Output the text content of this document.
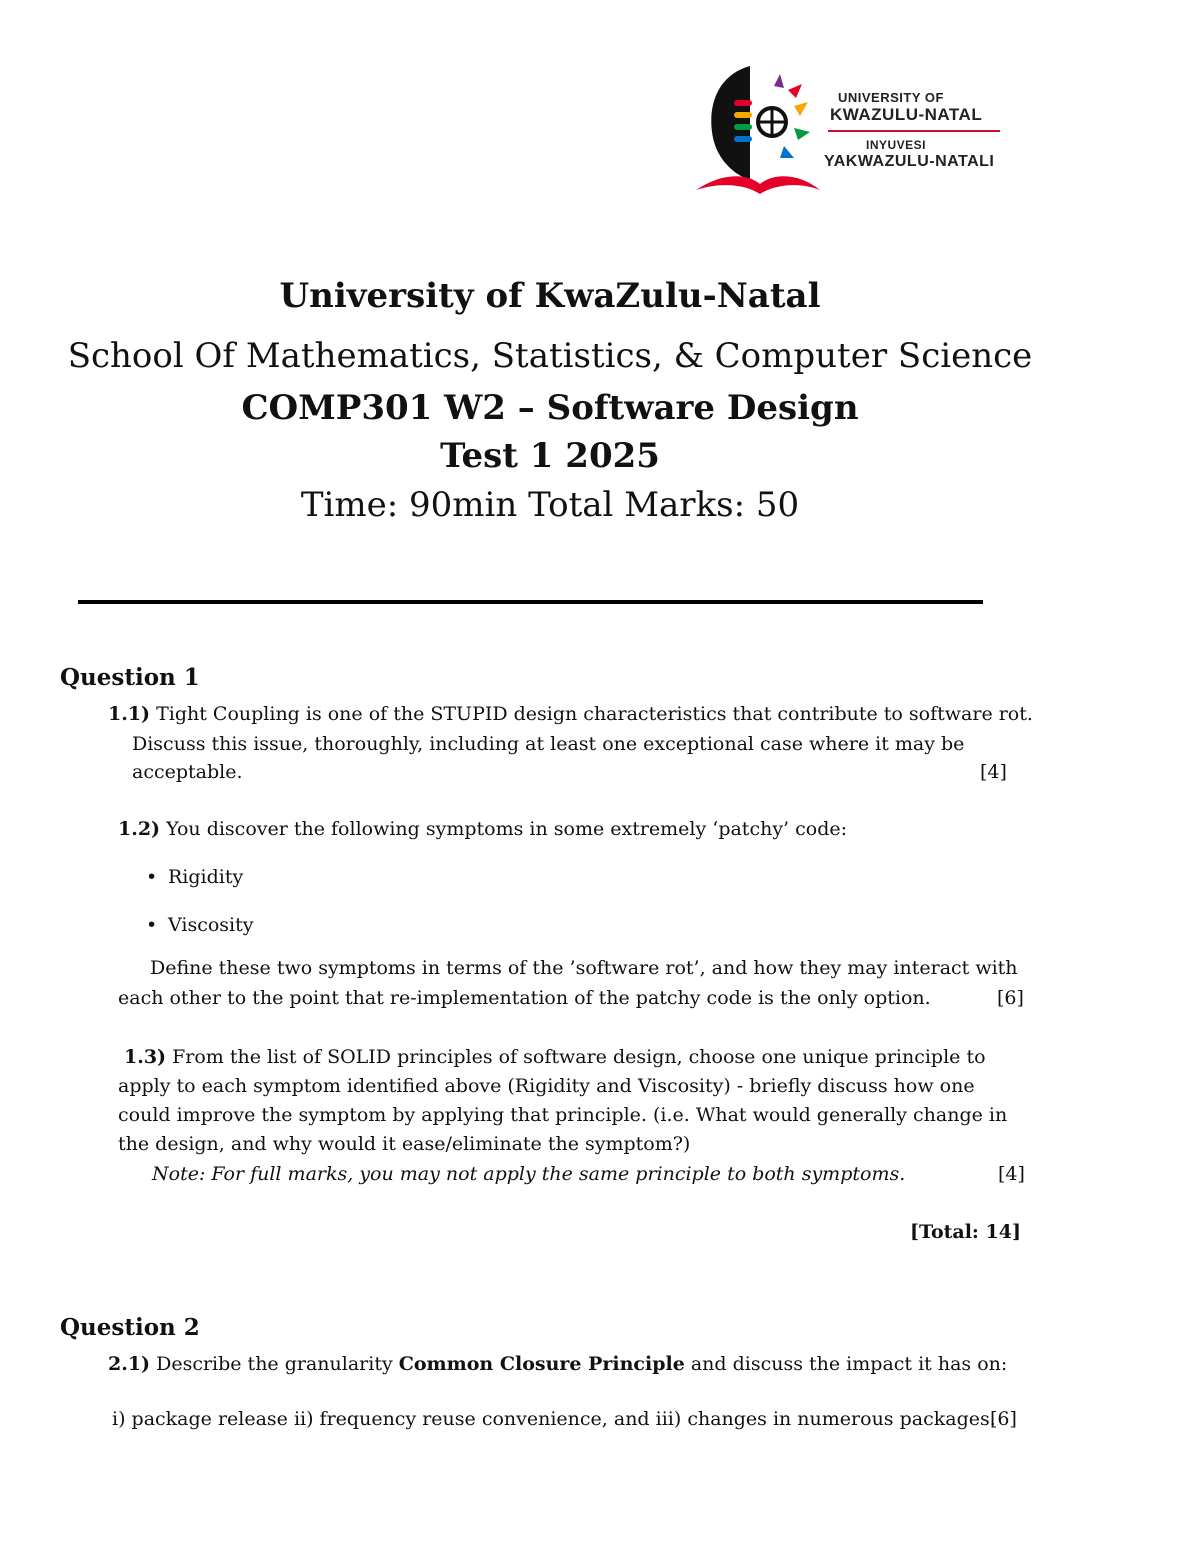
UNIVERSITY OF
KWAZULU-NATAL
INYUVESI
YAKWAZULU-NATALI
University of KwaZulu-Natal
School Of Mathematics, Statistics, & Computer Science
COMP301 W2 – Software Design
Test 1 2025
Time: 90min Total Marks: 50
Question 1
1.1) Tight Coupling is one of the STUPID design characteristics that contribute to software rot.
Discuss this issue, thoroughly, including at least one exceptional case where it may be
acceptable.	[4]
1.2) You discover the following symptoms in some extremely ‘patchy’ code:
• Rigidity
• Viscosity
Define these two symptoms in terms of the ’software rot’, and how they may interact with
each other to the point that re-implementation of the patchy code is the only option.	[6]
1.3) From the list of SOLID principles of software design, choose one unique principle to
apply to each symptom identified above (Rigidity and Viscosity) - briefly discuss how one
could improve the symptom by applying that principle. (i.e. What would generally change in
the design, and why would it ease/eliminate the symptom?)
Note: For full marks, you may not apply the same principle to both symptoms.	[4]
[Total: 14]
Question 2
2.1) Describe the granularity Common Closure Principle and discuss the impact it has on:
i) package release ii) frequency reuse convenience, and iii) changes in numerous packages.
[6]
